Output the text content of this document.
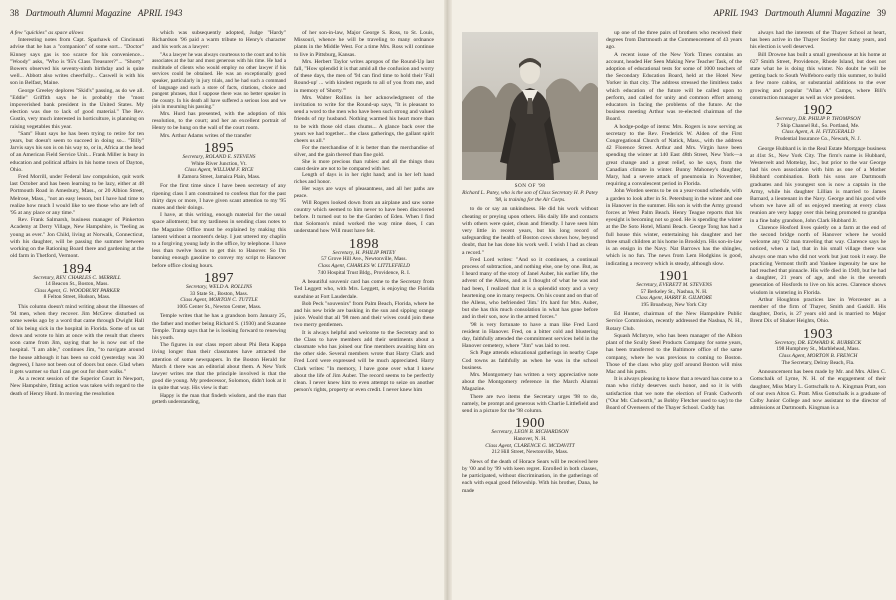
38 Dartmouth Alumni Magazine APRIL 1943

A few "quickies" as space allows

Interesting notes from Capt. Sparhawk of Cincinnati advise that he has a "companion" of some sort... "Doctor" Kinney says gas is too scarce for his convenience... "Woody" asks, "Who is '95's Class Treasurer?"... "Shorty" Bowers observed his seventy-ninth birthday and is quite well... Abbott also writes cheerfully... Caswell is with his son in Belfast, Maine.

George Greeley deplores "Skid's" passing, as do we all. "Eddie" Griffith says he is probably the "most impoverished bank president in the United States. My election was due to lack of good material." The Rev. Gustin, very much interested in horticulture, is planning on raising vegetables this year.

"Sam" Hunt says he has been trying to retire for ten years, but doesn't seem to succeed in doing so... "Billy" Jarvis says his son is on his way to, or in, Africa at the head of an American Field Service Unit... Frank Miller is busy in education and political affairs in his home town of Dayton, Ohio.

Fred Morrill, under Federal law compulsion, quit work last October and has been learning to be lazy, either at 48 Portmouth Road in Amesbury, Mass., or 20 Albion Street, Melrose, Mass., "not an easy lesson, but I have had time to realize how much I would like to see those who are left of '95 at any place or any time."

Rev. Frank Salmarsh, business manager of Pinkerton Academy at Derry Village, New Hampshire, is "feeling as young as ever." Jon Child, living at Norwalk, Connecticut, with his daughter, will be passing the summer between working on the Rationing Board there and gardening at the old farm in Thetford, Vermont.

1894
Secretary, REV. CHARLES C. MERRILL
14 Beacon St., Boston, Mass.
Class Agent, G. WOODBURY PARKER
8 Felton Street, Hudson, Mass.

This column doesn't mind writing about the illnesses of '94 men, when they recover. Jim McGrew disturbed us some weeks ago by a word that came through Dwight Hall of his being sick in the hospital in Florida. Some of us sat down and wrote to him at once with the result that cheers soon came from Jim, saying that he is now out of the hospital. "I am able," continues Jim, "to navigate around the house although it has been so cold (yesterday was 30 degrees), I have not been out of doors but once. Glad when it gets warmer so that I can get out for short walks."

As a recent session of the Superior Court in Newport, New Hampshire, fitting action was taken with regard to the death of Henry Hurd. In moving the resolution

which was subsequently adopted, Judge "Hardy" Richardson '96 paid a warm tribute to Henry's character and his work as a lawyer:

"As a lawyer he was always courteous to the court and to his associates at the bar and most generous with his time. He had a multitude of clients who would employ no other lawyer if his services could be obtained. He was an exceptionally good speaker, particularly in jury trials, and he had such a command of language and such a store of facts, citations, choice and pungent phrases, that I suppose there was no better speaker in the county. In his death all have suffered a serious loss and we join in mourning his passing."

Mrs. Hurd has presented, with the adoption of this resolution, to the court; and her an excellent portrait of Henry to be hung on the wall of the court room.

Mrs. Arthur Adams writes of the transfer

1895
Secretary, ROLAND E. STEVENS
White River Junction, Vt.
Class Agent, WILLIAM F. RICE
8 Zamora Street, Jamaica Plain, Mass.

For the first time since I have been secretary of any ripening class I am constrained to confess that for the past thirty days or more, I have given scant attention to my '95 mates and their doings.

I have, at this writing, enough material for the usual space allotment; but my tardiness in sending class notes to the Magazine Office must be explained by making this lament without a moment's delay. I just uttered my chaplin to a forgiving young lady in the office, by telephone. I have less than twelve hours to get this to Hanover. So I'm banning enough gasoline to convey my script to Hanover before office closing hours.

1897
Secretary, WELD A. ROLLINS
33 State St., Boston, Mass.
Class Agent, MORTON C. TUTTLE
1005 Center St., Newton Center, Mass.

Temple writes that he has a grandson born January 25, the father and mother being Richard S. (1930) and Suzanne Temple. Tramp says that he is looking forward to renewing his youth.

The figures in our class report about Phi Beta Kappa living longer than their classmates have attracted the attention of some newspapers. In the Boston Herald for March 4 there was an editorial about them. A New York lawyer writes me that the principle involved is that the good die young. My predecessor, Solomon, didn't look at it in quite that way. His view is that:

Happy is the man that findeth wisdom, and the man that getteth understanding,

of her son-in-law, Major George S. Ross, to St. Louis, Missouri, whence he will be traveling to many ordnance plants in the Middle West. For a time Mrs. Ross will continue to live in Pittsburg, Kansas.

Mrs. Herbert Taylor writes apropos of the Round-Up last fall, "How splendid it is that amid all the confusion and worry of these days, the men of '94 can find time to hold their 'Fall Round-up' ... with kindest regards to all of you from me, and in memory of 'Shorty.'"

Mrs. Walter Rollins in her acknowledgment of the invitation to write for the Round-up says, "It is pleasant to send a word to the men who have been such strong and valued friends of my husband. Nothing warmed his heart more than to be with those old class chums... A glance back over the years we had together... the class gatherings, the gallant spirit cheers us all."

For the merchandise of it is better than the merchandise of silver, and the gain thereof than fine gold.

She is more precious than rubies: and all the things thou canst desire are not to be compared with her.

Length of days is in her right hand; and in her left hand riches and honor.

Her ways are ways of pleasantness, and all her paths are peace.

Will Rogers looked down from an airplane and saw some country which seemed to him never to have been discovered before. It turned out to be the Garden of Eden. When I find that Solomon's mind worked the way mine does, I can understand how Will must have felt.

1898
Secretary, H. PHILIP PATEY
57 Grove Hill Ave., Newtonville, Mass.
Class Agent, CHARLES W. LITTLEFIELD
740 Hospital Trust Bldg., Providence, R. I.

A beautiful souvenir card has come to the Secretary from Ted Leggett who, with Mrs. Leggett, is enjoying the Florida sunshine at Fort Lauderdale.

Bob Peck "souvenirs" from Palm Beach, Florida, where he and his new bride are basking in the sun and sipping orange juice. Would that all '98 men and their wives could join these two merry gentlemen.

It is always helpful and welcome to the Secretary and to the Class to have members add their sentiments about a classmate who has joined our fine members awaiting him on the other side. Several members wrote that Harry Clark and Fred Lord were expressed will be much appreciated. Harry Clark writes: "In memory, I have gone over what I knew about the life of Jim Auber. The record seems to be perfectly clean. I never knew him to even attempt to seize on another person's rights, property or even credit. I never knew him

APRIL 1943 Dartmouth Alumni Magazine 39
SON OF '98
Richard L. Patey, who is the son of Class Secretary H. P. Patey '98, is training for the Air Corps.

to do or say an unkindness. He did his work without cheating or preying upon others. His daily life and contacts with others were quiet, clean and friendly. I have seen him very little in recent years, but his long record of safeguarding the health of Boston cows shows how, beyond doubt, that he has done his work well. I wish I had as clean a record."

Fred Lord writes: "And so it continues, a continual process of subtraction, and nothing else, one by one. But, as I heard many of the story of Janel Auber, his earlier life, the advent of the Allens, and as I thought of what he was and had been, I realized that it is a splendid story and a very heartening one in many respects. On his count and on that of the Allens, who befriended 'Jim.' It's hard for Mrs. Auber, but she has this much consolation in what has gone before and in their son, now in the armed forces."

'98 is very fortunate to have a man like Fred Lord resident in Hanover. Fred, on a bitter cold and blustering day, faithfully attended the commitment services held in the Hanover cemetery, where "Jim" was laid to rest.

Sch Page attends educational gatherings in nearby Cape Cod towns as faithfully as when he was in the school business.

Mrs. Montgomery has written a very appreciative note about the Montgomery reference in the March Alumni Magazine.

There are two items the Secretary urges '98 to do, namely, be prompt and generous with Charlie Littlefield and send in a picture for the '98 column.

1900
Secretary, LEON B. RICHARDSON
Hanover, N. H.
Class Agent, CLARENCE G. MCDAVITT
212 Hill Street, Newtonville, Mass.

News of the death of Horace Sears will be received here by '00 and by '99 with keen regret. Enrolled in both classes, he participated, without discrimination, in the gatherings of each with equal good fellowship. With his brother, Dana, he made

up one of the three pairs of brothers who received their degrees from Dartmouth at the Commencement of 43 years ago.

A recent issue of the New York Times contains an account, headed Her Seen Making New Teacher Task, of the adoption of educational tests for some of 1000 teachers of the Secondary Education Board, held at the Hotel New Yorker in that city. The address stressed the limitless tasks which education of the future will be called upon to perform, and called for unity and common effort among educators in facing the problems of the future. At the business meeting Arthur was re-elected chairman of the Board.

A hodge-podge of items: Mrs. Rogers is now serving as secretary to the Rev. Frederick W. Alden of the First Congregational Church of Natick, Mass., with the address 42 Florence Street. Arthur and Mrs. Virgin have been spending the winter at 140 East 48th Street, New York—a great change and a great relief, so he says, from the Canadian climate in winter. Bunny Mahoney's daughter, Mary, had a severe attack of pneumonia in November, requiring a convalescent period in Florida.

John Worden seems to be on a year-round schedule, with a garden to look after in St. Petersburg in the winter and one in Hanover in the summer. His son is with the Army ground forces at West Palm Beach. Henry Teague reports that his eyesight is becoming not so good. He is spending the winter at the De Soto Hotel, Miami Beach. George Tong has had a full house this winter, entertaining his daughter and her three small children at his home in Brooklyn. His son-in-law is an ensign in the Navy. Nat Barrows has the shingles, which is no fun. The news from Lem Hodgkins is good, indicating a recovery which is steady, although slow.

1901
Secretary, EVERETT M. STEVENS
57 Berkeley St., Nashua, N. H.
Class Agent, HARRY B. GILMORE
195 Broadway, New York City

Ed Hunter, chairman of the New Hampshire Public Service Commission, recently addressed the Nashua, N. H., Rotary Club.

Squash McIntyre, who has been manager of the Albion plant of the Scully Steel Products Company for some years, has been transferred to the Baltimore office of the same company, where he was previous to coming to Boston. Those of the class who play golf around Boston will miss Mac and his putts.

It is always pleasing to know that a reward has come to a man who richly deserves such honor, and so it is with satisfaction that we note the election of Frank Cudworth ("Our Mr. Cudworth," as Bobby Fletcher used to say) to the Board of Overseers of the Thayer School. Cuddy has

always had the interests of the Thayer School at heart, has been active in the Thayer Society for many years, and his election is well deserved.

Bill Drowne has built a small greenhouse at his home at 627 Smith Street, Providence, Rhode Island, but does not state what he is doing this winter. No doubt he will be getting back to South Wolfeboro early this summer, to build a few more cabins, or substantial additions to the ever growing and popular "Allan A" Camps, where Bill's construction manager as well as vice president.

1902
Secretary, DR. PHILIP P. THOMPSON
7 Ship Channel Rd., So. Portland, Me.
Class Agent, A. H. FITZGERALD
Prudential Insurance Co., Newark, N. J.

George Hubbard is in the Real Estate Mortgage business at 41st St., New York City. The firm's name is Hubbard, Westervelt and Mottelay, Inc., but prior to the war George had his own association with him as one of a Mother Hubbard combination. Both his sons are Dartmouth graduates and his youngest son is now a captain in the Army, while his daughter Lillian is married to James Barnard, a lieutenant in the Navy. George and his good wife whom we have all of us enjoyed meeting at every class reunion are very happy over this being promoted to grandpa in a fine baby grandson, John Clark Hubbard Jr.

Clarence Hosford lives quietly on a farm at the end of the second bridge north of Hanover where he would welcome any '02 man traveling that way. Clarence says he noticed, when a lad, that in his small village there was always one man who did not work but just took it easy. Be practicing Vermont thrift and Yankee ingenuity he saw he had reached that pinnacle. His wife died in 1940, but he had a daughter, 21 years of age, and she is the seventh generation of Hosfords to live on his acres. Clarence shows wisdom in wintering in Florida.

Arthur Houghton practices law in Worcester as a member of the firm of Thayer, Smith and Gaskill. His daughter, Doris, is 27 years old and is married to Major Brent Dix of Shaker Heights, Ohio.

1903
Secretary, DR. EDWARD K. BURBECK
198 Humphrey St., Marblehead, Mass.
Class Agent, MORTON B. FRENCH
The Secretary, Delray Beach, Fla.

Announcement has been made by Mr. and Mrs. Allen C. Gottschalk of Lyme, N. H. of the engagement of their daughter, Miss Mary L. Gottschalk to A. Kingman Pratt, son of our own Alton G. Pratt. Miss Gottschalk is a graduate of Colby Junior College and now assistant to the director of admissions at Dartmouth. Kingman is a
